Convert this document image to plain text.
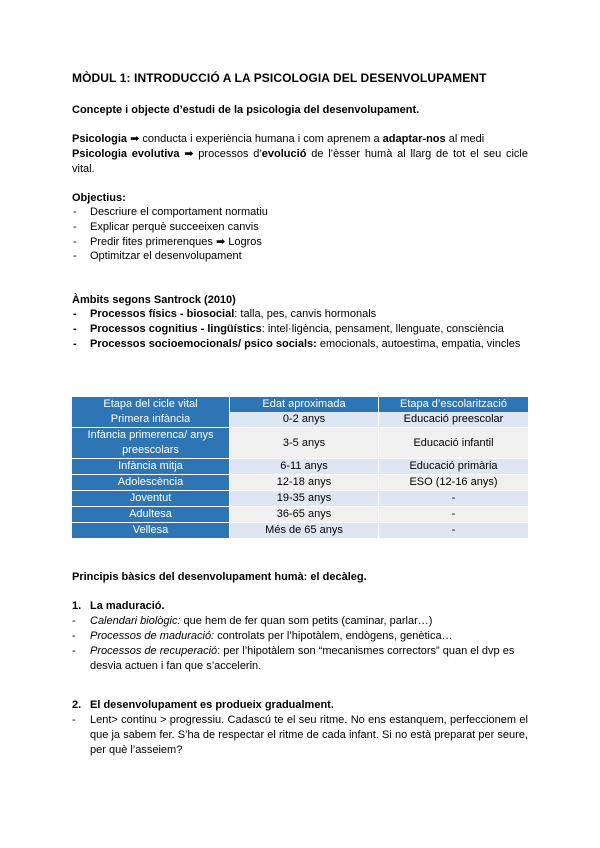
MÒDUL 1: INTRODUCCIÓ A LA PSICOLOGIA DEL DESENVOLUPAMENT
Concepte i objecte d’estudi de la psicologia del desenvolupament.
Psicologia ➡ conducta i experiència humana i com aprenem a adaptar-nos al medi
Psicologia evolutiva ➡ processos d’evolució de l’èsser humà al llarg de tot el seu cicle vital.
Objectius:
- Descriure el comportament normatiu
- Explicar perquè succeeixen canvis
- Predir fites primerenques ➡ Logros
- Optimitzar el desenvolupament
Àmbits segons Santrock (2010)
- Processos físics - biosocial: talla, pes, canvis hormonals
- Processos cognitius - lingüístics: intel·ligència, pensament, llenguate, consciència
- Processos socioemocionals/ psico socials: emocionals, autoestima, empatia, vincles
Etapa del cicle vital	Edat aproximada	Etapa d’escolarització
Primera infància	0-2 anys	Educació preescolar
Infància primerenca/ anys preescolars	3-5 anys	Educació infantil
Infància mitja	6-11 anys	Educació primària
Adolescència	12-18 anys	ESO (12-16 anys)
Joventut	19-35 anys	-
Adultesa	36-65 anys	-
Vellesa	Més de 65 anys	-
Principis bàsics del desenvolupament humà: el decàleg.
1. La maduració.
- Calendari biològic: que hem de fer quan som petits (caminar, parlar…)
- Processos de maduració: controlats per l’hipotàlem, endògens, genètica…
- Processos de recuperació: per l’hipotàlem son “mecanismes correctors” quan el dvp es desvia actuen i fan que s’accelerin.
2. El desenvolupament es produeix gradualment.
- Lent> continu > progressiu. Cadascú te el seu ritme. No ens estanquem, perfeccionem el que ja sabem fer. S’ha de respectar el ritme de cada infant. Si no està preparat per seure, per què l’asseiem?
